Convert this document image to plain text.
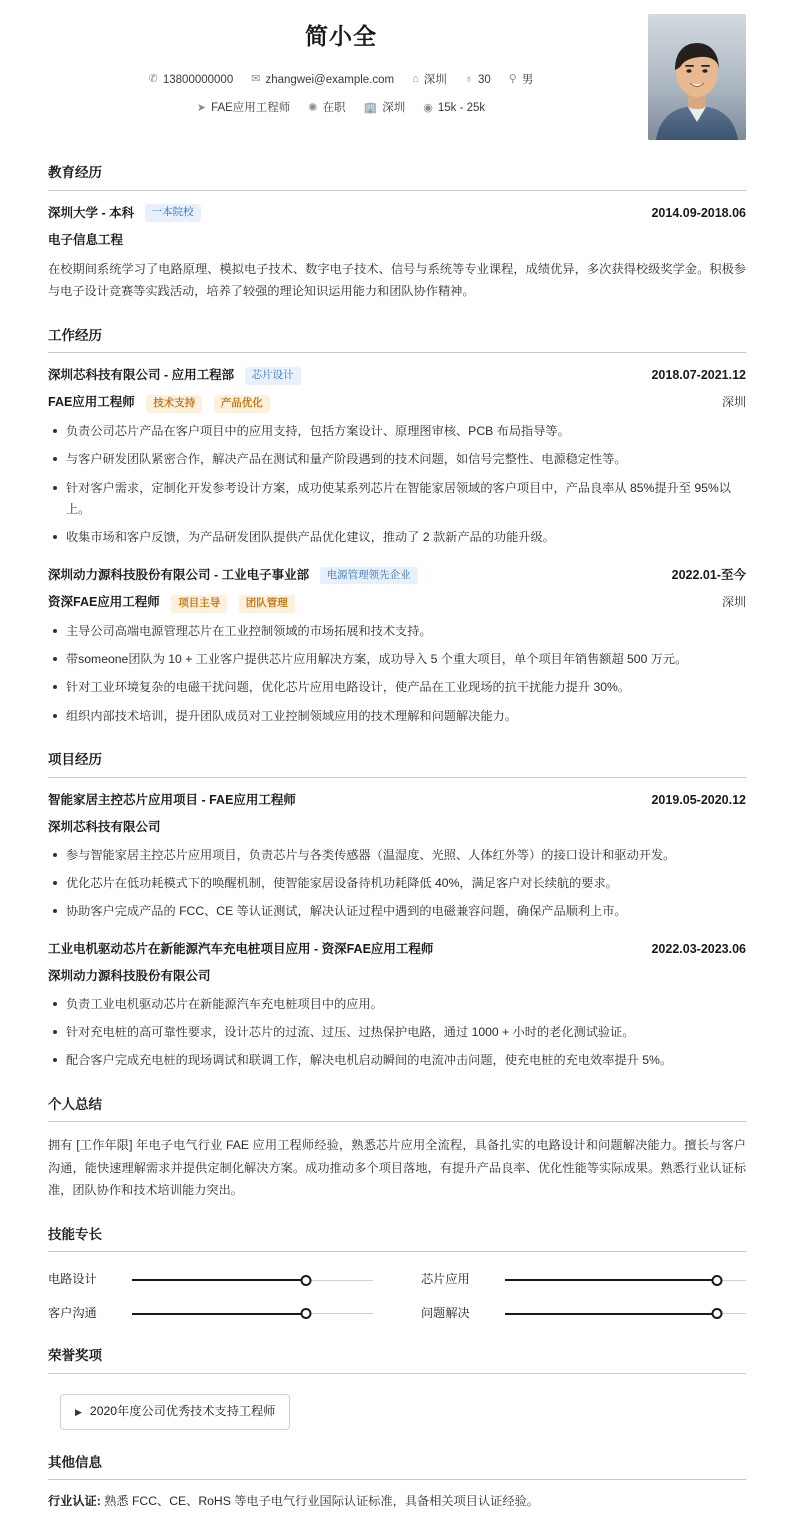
简小全
✆ 13800000000 ✉ zhangwei@example.com ⌂ 深圳 ♁ 30 ⚲ 男
➤ FAE应用工程师 ✺ 在职 🏢 深圳 ◉ 15k - 25k
教育经历
深圳大学 - 本科 一本院校	2014.09-2018.06
电子信息工程
在校期间系统学习了电路原理、模拟电子技术、数字电子技术、信号与系统等专业课程，成绩优异，多次获得校级奖学金。积极参与电子设计竞赛等实践活动，培养了较强的理论知识运用能力和团队协作精神。
工作经历
深圳芯科技有限公司 - 应用工程部 芯片设计	2018.07-2021.12
FAE应用工程师 技术支持 产品优化	深圳
负责公司芯片产品在客户项目中的应用支持，包括方案设计、原理图审核、PCB 布局指导等。
与客户研发团队紧密合作，解决产品在测试和量产阶段遇到的技术问题，如信号完整性、电源稳定性等。
针对客户需求，定制化开发参考设计方案，成功使某系列芯片在智能家居领域的客户项目中，产品良率从 85%提升至 95%以上。
收集市场和客户反馈，为产品研发团队提供产品优化建议，推动了 2 款新产品的功能升级。
深圳动力源科技股份有限公司 - 工业电子事业部 电源管理领先企业	2022.01-至今
资深FAE应用工程师 项目主导 团队管理	深圳
主导公司高端电源管理芯片在工业控制领域的市场拓展和技术支持。
带someone团队为 10 + 工业客户提供芯片应用解决方案，成功导入 5 个重大项目，单个项目年销售额超 500 万元。
针对工业环境复杂的电磁干扰问题，优化芯片应用电路设计，使产品在工业现场的抗干扰能力提升 30%。
组织内部技术培训，提升团队成员对工业控制领域应用的技术理解和问题解决能力。
项目经历
智能家居主控芯片应用项目 - FAE应用工程师	2019.05-2020.12
深圳芯科技有限公司
参与智能家居主控芯片应用项目，负责芯片与各类传感器（温湿度、光照、人体红外等）的接口设计和驱动开发。
优化芯片在低功耗模式下的唤醒机制，使智能家居设备待机功耗降低 40%，满足客户对长续航的要求。
协助客户完成产品的 FCC、CE 等认证测试，解决认证过程中遇到的电磁兼容问题，确保产品顺利上市。
工业电机驱动芯片在新能源汽车充电桩项目应用 - 资深FAE应用工程师	2022.03-2023.06
深圳动力源科技股份有限公司
负责工业电机驱动芯片在新能源汽车充电桩项目中的应用。
针对充电桩的高可靠性要求，设计芯片的过流、过压、过热保护电路，通过 1000 + 小时的老化测试验证。
配合客户完成充电桩的现场调试和联调工作，解决电机启动瞬间的电流冲击问题，使充电桩的充电效率提升 5%。
个人总结
拥有 [工作年限] 年电子电气行业 FAE 应用工程师经验，熟悉芯片应用全流程，具备扎实的电路设计和问题解决能力。擅长与客户沟通，能快速理解需求并提供定制化解决方案。成功推动多个项目落地，有提升产品良率、优化性能等实际成果。熟悉行业认证标准，团队协作和技术培训能力突出。
技能专长
电路设计	芯片应用
客户沟通	问题解决
荣誉奖项
▶ 2020年度公司优秀技术支持工程师
其他信息
行业认证: 熟悉 FCC、CE、RoHS 等电子电气行业国际认证标准，具备相关项目认证经验。
